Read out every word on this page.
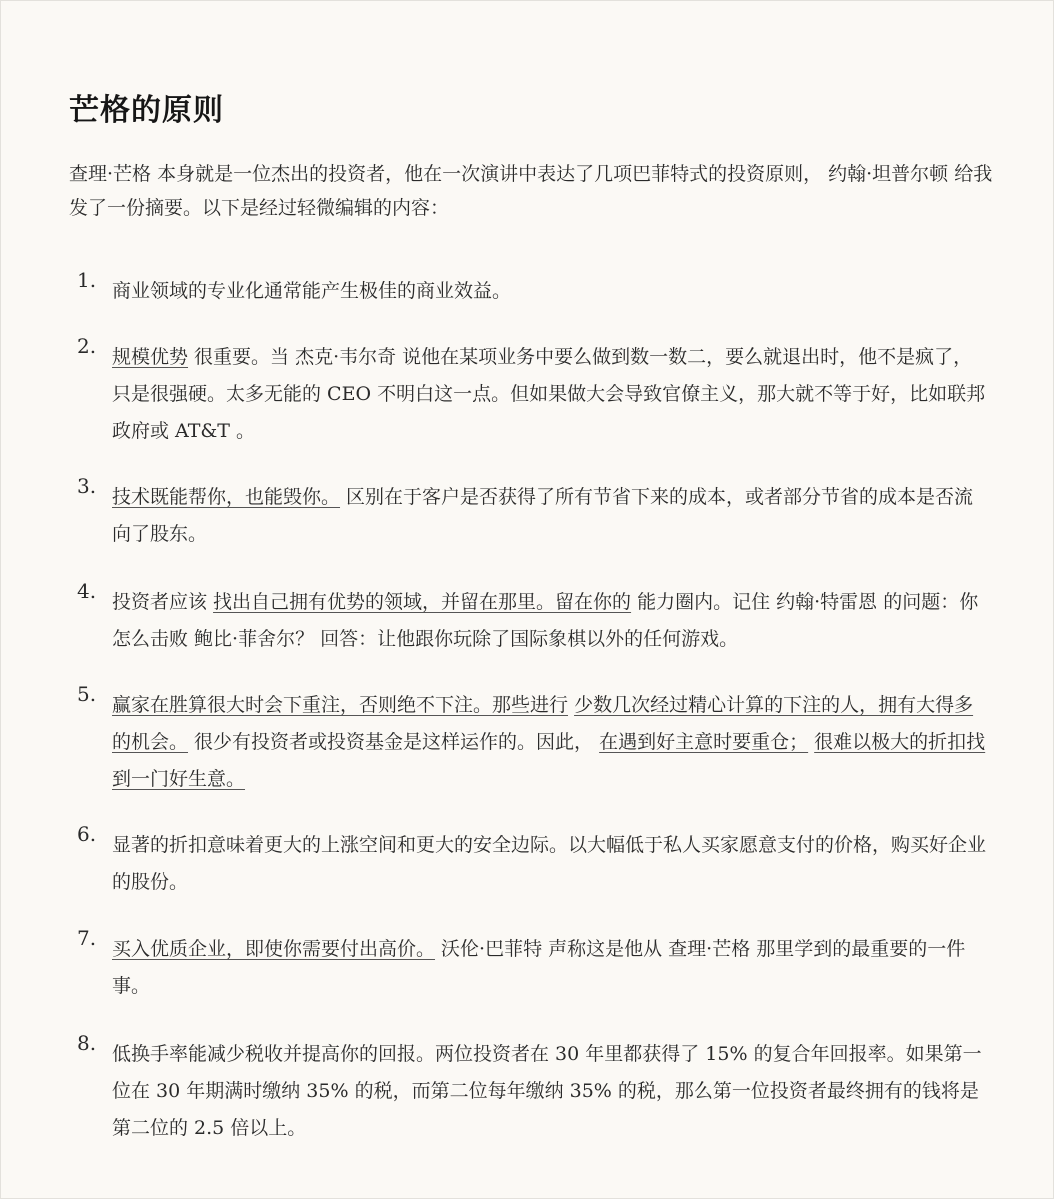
芒格的原则

查理·芒格 本身就是一位杰出的投资者，他在一次演讲中表达了几项巴菲特式的投资原则， 约翰·坦普尔顿 给我发了一份摘要。以下是经过轻微编辑的内容：

1. 商业领域的专业化通常能产生极佳的商业效益。

2. 规模优势 很重要。当 杰克·韦尔奇 说他在某项业务中要么做到数一数二，要么就退出时，他不是疯了，只是很强硬。太多无能的 CEO 不明白这一点。但如果做大会导致官僚主义，那大就不等于好，比如联邦政府或 AT&T 。

3. 技术既能帮你，也能毁你。 区别在于客户是否获得了所有节省下来的成本，或者部分节省的成本是否流向了股东。

4. 投资者应该 找出自己拥有优势的领域，并留在那里。留在你的 能力圈内。记住 约翰·特雷恩 的问题：你怎么击败 鲍比·菲舍尔？ 回答：让他跟你玩除了国际象棋以外的任何游戏。

5. 赢家在胜算很大时会下重注，否则绝不下注。那些进行 少数几次经过精心计算的下注的人，拥有大得多的机会。 很少有投资者或投资基金是这样运作的。因此， 在遇到好主意时要重仓； 很难以极大的折扣找到一门好生意。

6. 显著的折扣意味着更大的上涨空间和更大的安全边际。以大幅低于私人买家愿意支付的价格，购买好企业的股份。

7. 买入优质企业，即使你需要付出高价。 沃伦·巴菲特 声称这是他从 查理·芒格 那里学到的最重要的一件事。

8. 低换手率能减少税收并提高你的回报。两位投资者在 30 年里都获得了 15% 的复合年回报率。如果第一位在 30 年期满时缴纳 35% 的税，而第二位每年缴纳 35% 的税，那么第一位投资者最终拥有的钱将是第二位的 2.5 倍以上。
